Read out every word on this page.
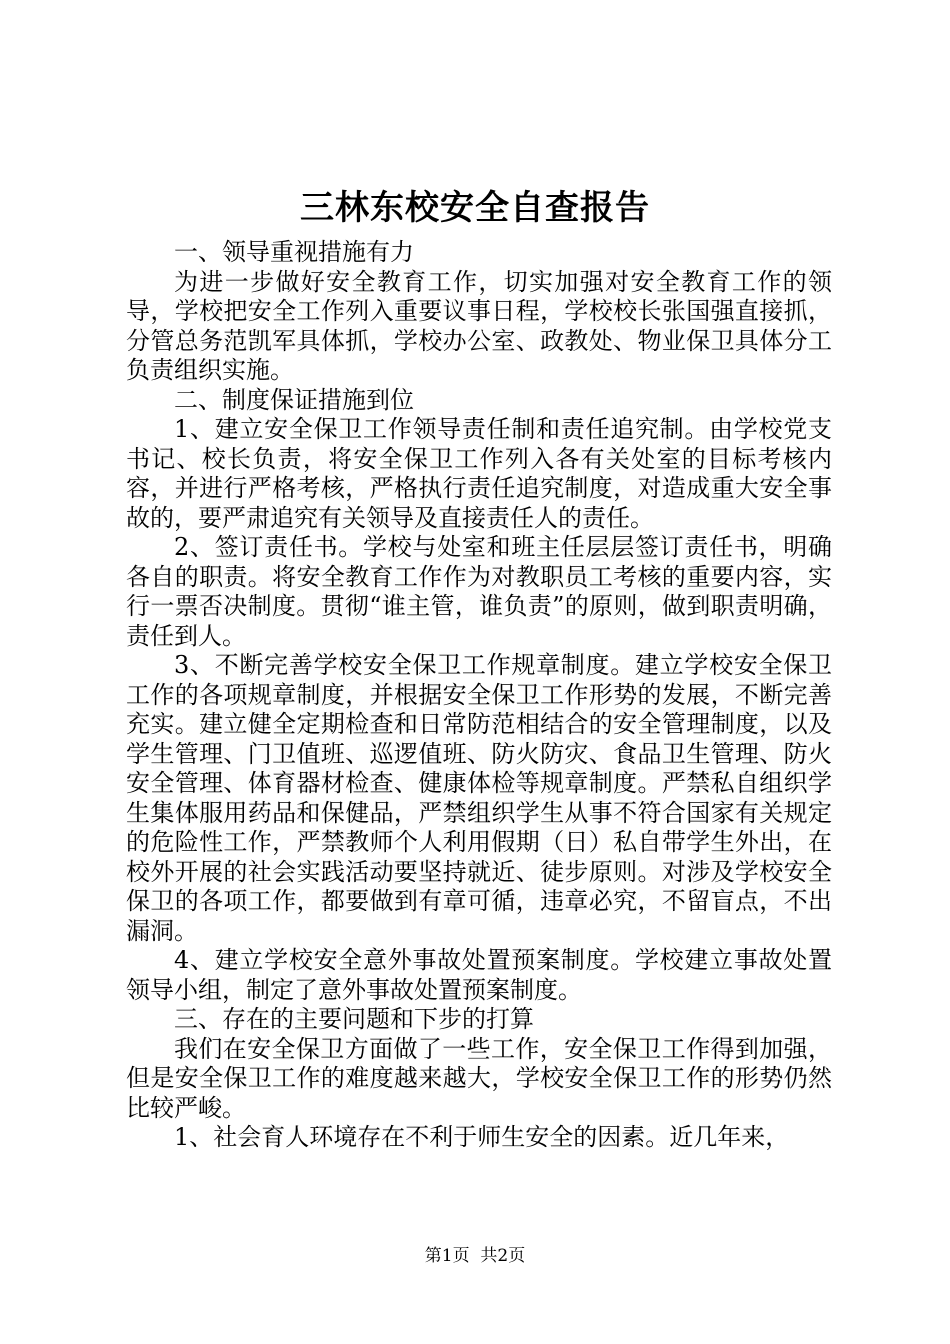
三林东校安全自查报告

一、领导重视措施有力

为进一步做好安全教育工作，切实加强对安全教育工作的领导，学校把安全工作列入重要议事日程，学校校长张国强直接抓，分管总务范凯军具体抓，学校办公室、政教处、物业保卫具体分工负责组织实施。

二、制度保证措施到位

1、建立安全保卫工作领导责任制和责任追究制。由学校党支书记、校长负责，将安全保卫工作列入各有关处室的目标考核内容，并进行严格考核，严格执行责任追究制度，对造成重大安全事故的，要严肃追究有关领导及直接责任人的责任。

2、签订责任书。学校与处室和班主任层层签订责任书，明确各自的职责。将安全教育工作作为对教职员工考核的重要内容，实行一票否决制度。贯彻“谁主管，谁负责”的原则，做到职责明确，责任到人。

3、不断完善学校安全保卫工作规章制度。建立学校安全保卫工作的各项规章制度，并根据安全保卫工作形势的发展，不断完善充实。建立健全定期检查和日常防范相结合的安全管理制度，以及学生管理、门卫值班、巡逻值班、防火防灾、食品卫生管理、防火安全管理、体育器材检查、健康体检等规章制度。严禁私自组织学生集体服用药品和保健品，严禁组织学生从事不符合国家有关规定的危险性工作，严禁教师个人利用假期（日）私自带学生外出，在校外开展的社会实践活动要坚持就近、徒步原则。对涉及学校安全保卫的各项工作，都要做到有章可循，违章必究，不留盲点，不出漏洞。

4、建立学校安全意外事故处置预案制度。学校建立事故处置领导小组，制定了意外事故处置预案制度。

三、存在的主要问题和下步的打算

我们在安全保卫方面做了一些工作，安全保卫工作得到加强，但是安全保卫工作的难度越来越大，学校安全保卫工作的形势仍然比较严峻。

1、社会育人环境存在不利于师生安全的因素。近几年来，

第1页  共2页
